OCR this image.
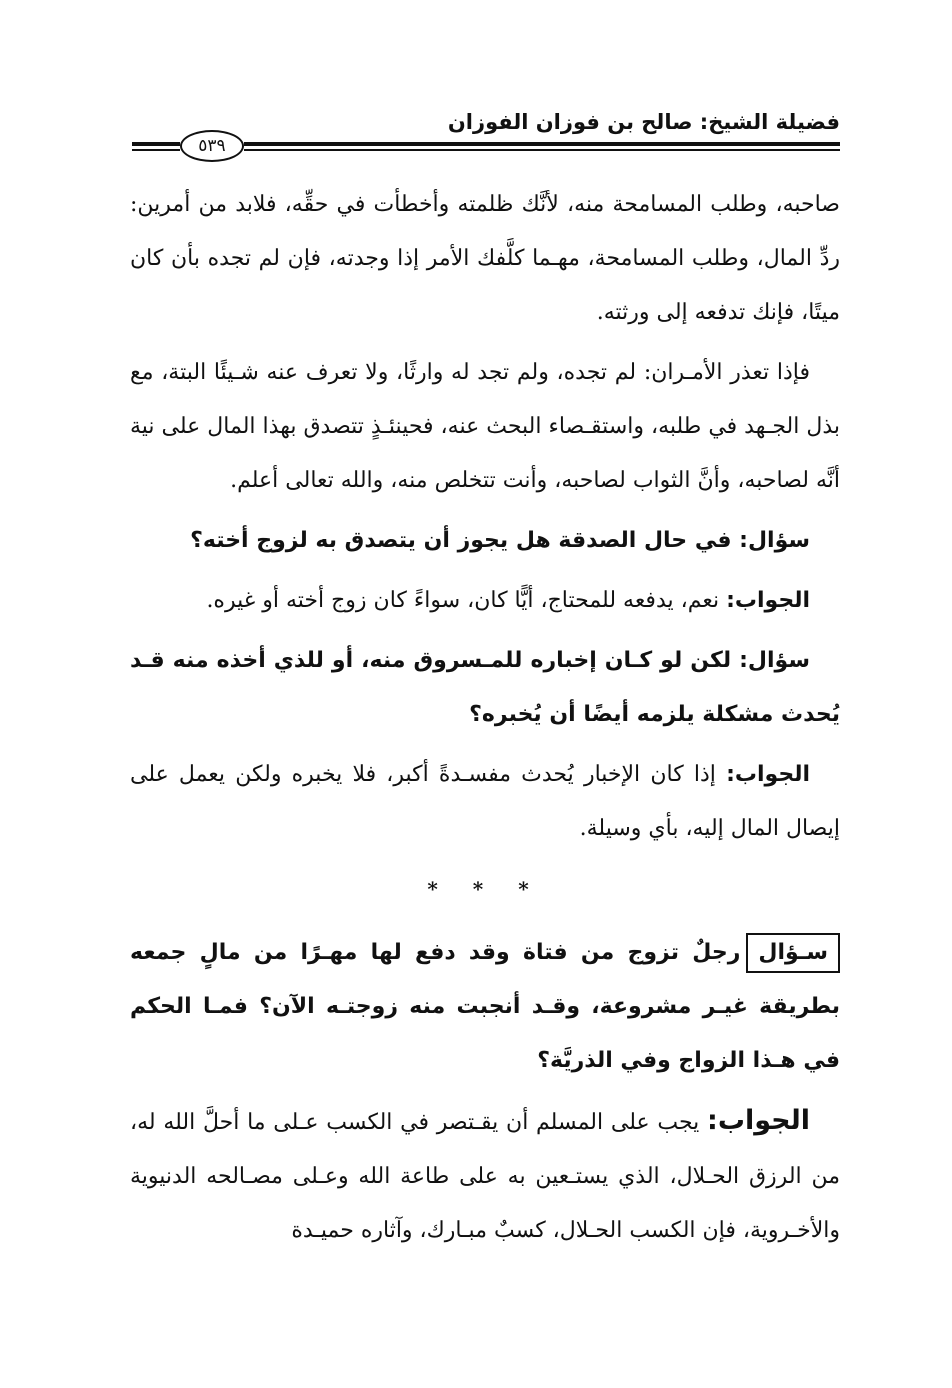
فضيلة الشيخ: صالح بن فوزان الفوزان
٥٣٩

صاحبه، وطلب المسامحة منه، لأنَّك ظلمته وأخطأت في حقِّه، فلابد من أمرين: ردِّ المال، وطلب المسامحة، مهـما كلَّفك الأمر إذا وجدته، فإن لم تجده بأن كان ميتًا، فإنك تدفعه إلى ورثته.

فإذا تعذر الأمـران: لم تجده، ولم تجد له وارثًا، ولا تعرف عنه شـيئًا البتة، مع بذل الجـهد في طلبه، واستقـصاء البحث عنه، فحينئـذٍ تتصدق بهذا المال على نية أنَّه لصاحبه، وأنَّ الثواب لصاحبه، وأنت تتخلص منه، والله تعالى أعلم.

سؤال: في حال الصدقة هل يجوز أن يتصدق به لزوج أخته؟

الجواب: نعم، يدفعه للمحتاج، أيًّا كان، سواءً كان زوج أخته أو غيره.

سؤال: لكن لو كـان إخباره للمـسروق منه، أو للذي أخذه منه قـد يُحدث مشكلة يلزمه أيضًا أن يُخبره؟

الجواب: إذا كان الإخبار يُحدث مفسـدةً أكبر، فلا يخبره ولكن يعمل على إيصال المال إليه، بأي وسيلة.

* * *

سـؤالرجلٌ تزوج من فتاة وقد دفع لها مهـرًا من مالٍ جمعه بطريقة غيـر مشروعة، وقـد أنجبت منه زوجتـه الآن؟ فمـا الحكم في هـذا الزواج وفي الذريَّة؟

الجواب: يجب على المسلم أن يقـتصر في الكسب عـلى ما أحلَّ الله له، من الرزق الحـلال، الذي يستـعين به على طاعة الله وعـلى مصـالحه الدنيوية والأخـروية، فإن الكسب الحـلال، كسبٌ مبـارك، وآثاره حميـدة
